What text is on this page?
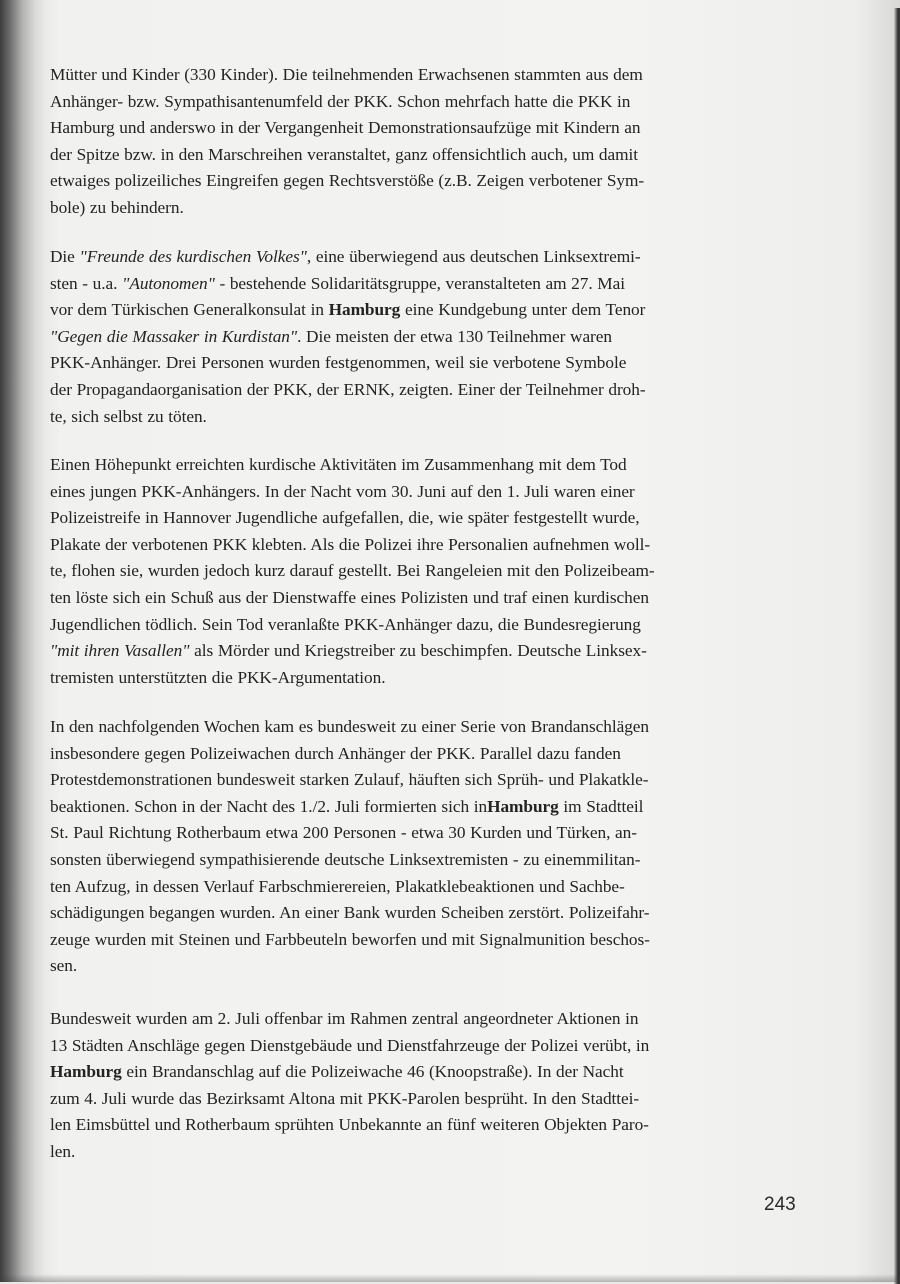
Mütter und Kinder (330 Kinder). Die teilnehmenden Erwachsenen stammten aus dem
Anhänger- bzw. Sympathisantenumfeld der PKK. Schon mehrfach hatte die PKK in
Hamburg und anderswo in der Vergangenheit Demonstrationsaufzüge mit Kindern an
der Spitze bzw. in den Marschreihen veranstaltet, ganz offensichtlich auch, um damit
etwaiges polizeiliches Eingreifen gegen Rechtsverstöße (z.B. Zeigen verbotener Sym-
bole) zu behindern.

Die "Freunde des kurdischen Volkes", eine überwiegend aus deutschen Linksextremi-
sten - u.a. "Autonomen" - bestehende Solidaritätsgruppe, veranstalteten am 27. Mai
vor dem Türkischen Generalkonsulat in Hamburg eine Kundgebung unter dem Tenor
"Gegen die Massaker in Kurdistan". Die meisten der etwa 130 Teilnehmer waren
PKK-Anhänger. Drei Personen wurden festgenommen, weil sie verbotene Symbole
der Propagandaorganisation der PKK, der ERNK, zeigten. Einer der Teilnehmer droh-
te, sich selbst zu töten.

Einen Höhepunkt erreichten kurdische Aktivitäten im Zusammenhang mit dem Tod
eines jungen PKK-Anhängers. In der Nacht vom 30. Juni auf den 1. Juli waren einer
Polizeistreife in Hannover Jugendliche aufgefallen, die, wie später festgestellt wurde,
Plakate der verbotenen PKK klebten. Als die Polizei ihre Personalien aufnehmen woll-
te, flohen sie, wurden jedoch kurz darauf gestellt. Bei Rangeleien mit den Polizeibeam-
ten löste sich ein Schuß aus der Dienstwaffe eines Polizisten und traf einen kurdischen
Jugendlichen tödlich. Sein Tod veranlaßte PKK-Anhänger dazu, die Bundesregierung
"mit ihren Vasallen" als Mörder und Kriegstreiber zu beschimpfen. Deutsche Linksex-
tremisten unterstützten die PKK-Argumentation.

In den nachfolgenden Wochen kam es bundesweit zu einer Serie von Brandanschlägen
insbesondere gegen Polizeiwachen durch Anhänger der PKK. Parallel dazu fanden
Protestdemonstrationen bundesweit starken Zulauf, häuften sich Sprüh- und Plakatkle-
beaktionen. Schon in der Nacht des 1./2. Juli formierten sich inHamburg im Stadtteil
St. Paul Richtung Rotherbaum etwa 200 Personen - etwa 30 Kurden und Türken, an-
sonsten überwiegend sympathisierende deutsche Linksextremisten - zu einemmilitan-
ten Aufzug, in dessen Verlauf Farbschmierereien, Plakatklebeaktionen und Sachbe-
schädigungen begangen wurden. An einer Bank wurden Scheiben zerstört. Polizeifahr-
zeuge wurden mit Steinen und Farbbeuteln beworfen und mit Signalmunition beschos-
sen.

Bundesweit wurden am 2. Juli offenbar im Rahmen zentral angeordneter Aktionen in
13 Städten Anschläge gegen Dienstgebäude und Dienstfahrzeuge der Polizei verübt, in
Hamburg ein Brandanschlag auf die Polizeiwache 46 (Knoopstraße). In der Nacht
zum 4. Juli wurde das Bezirksamt Altona mit PKK-Parolen besprüht. In den Stadttei-
len Eimsbüttel und Rotherbaum sprühten Unbekannte an fünf weiteren Objekten Paro-
len.

243
